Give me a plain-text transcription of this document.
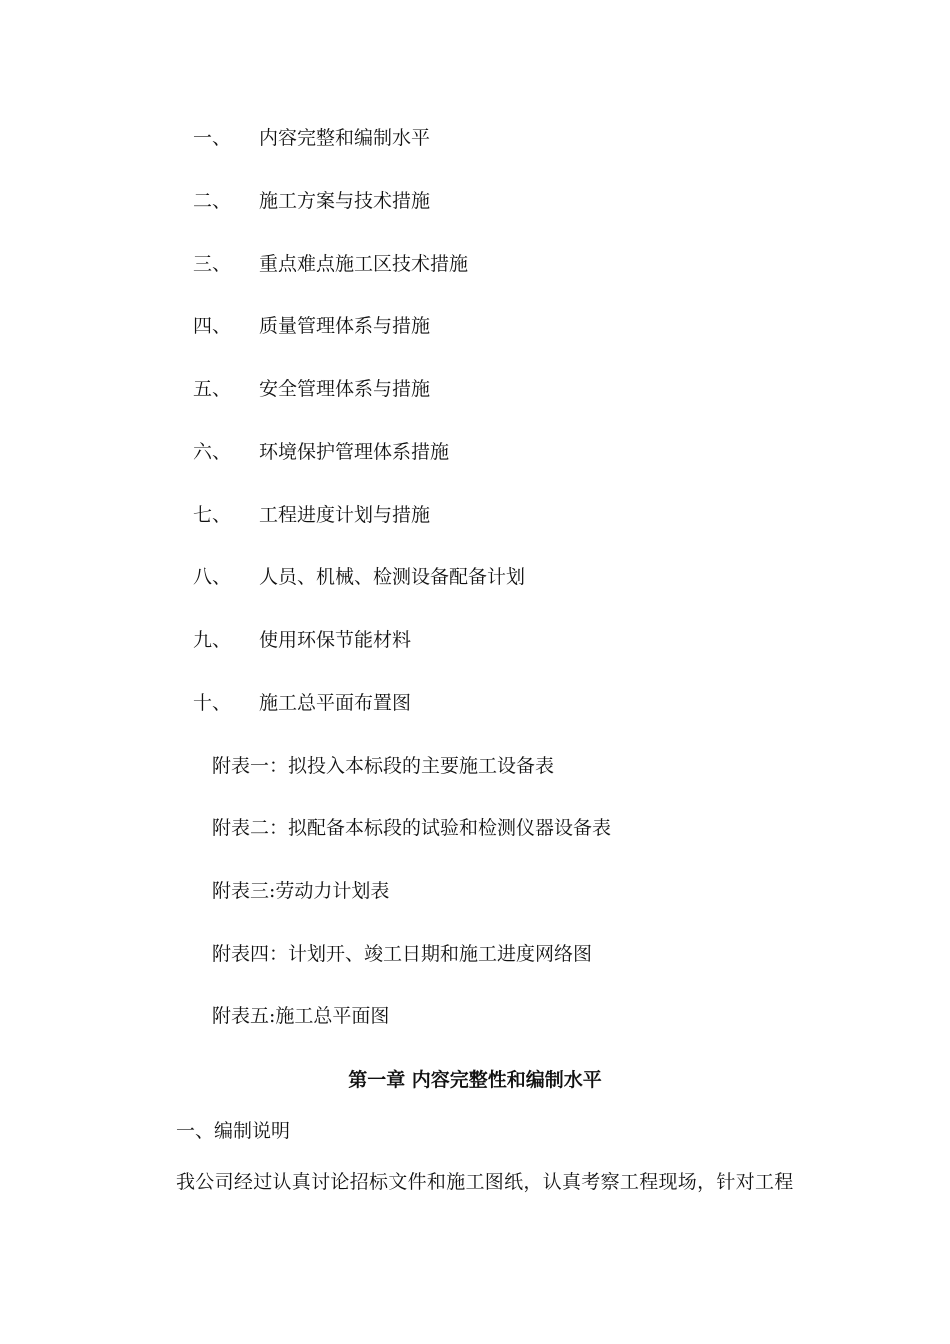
一、 内容完整和编制水平
二、 施工方案与技术措施
三、 重点难点施工区技术措施
四、 质量管理体系与措施
五、 安全管理体系与措施
六、 环境保护管理体系措施
七、 工程进度计划与措施
八、 人员、机械、检测设备配备计划
九、 使用环保节能材料
十、 施工总平面布置图
附表一：拟投入本标段的主要施工设备表
附表二：拟配备本标段的试验和检测仪器设备表
附表三:劳动力计划表
附表四：计划开、竣工日期和施工进度网络图
附表五:施工总平面图
第一章 内容完整性和编制水平
一、编制说明
我公司经过认真讨论招标文件和施工图纸，认真考察工程现场，针对工程
